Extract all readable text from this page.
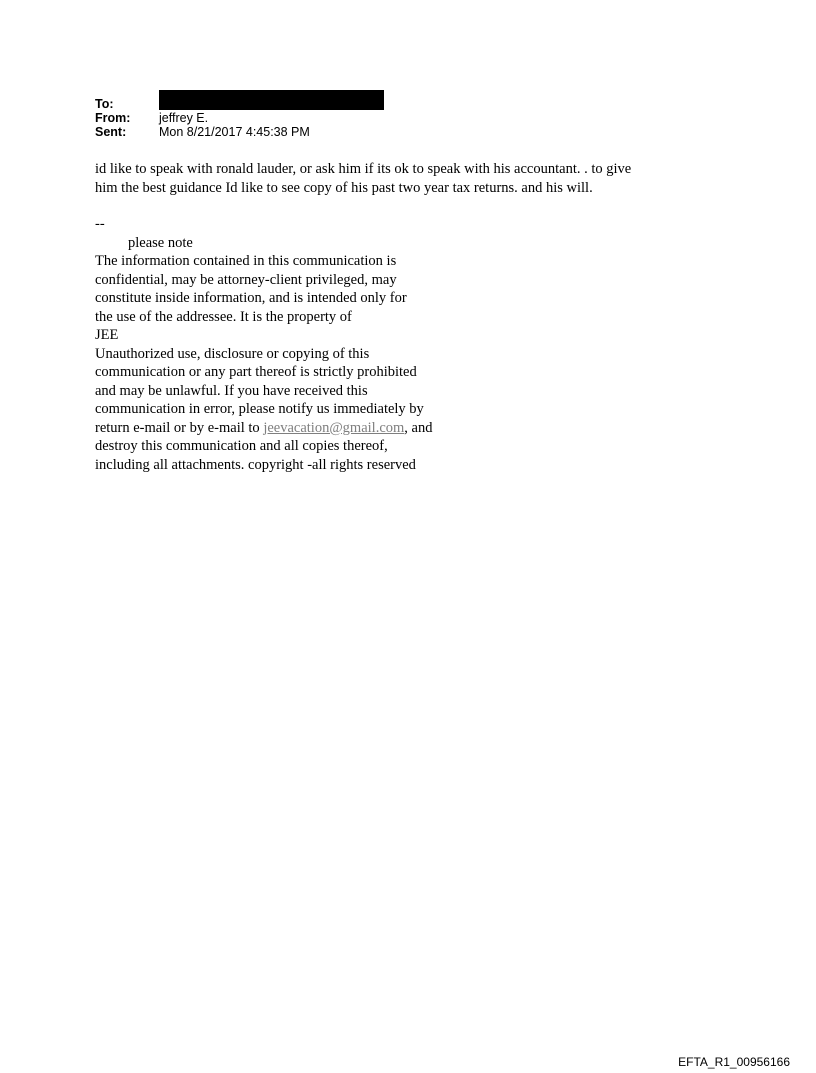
To:
From:	jeffrey E.
Sent:	Mon 8/21/2017 4:45:38 PM

id like to speak with ronald lauder, or ask him if its ok to speak with his accountant. . to give

him the best guidance Id like to see copy of his past two year tax returns. and his will.

--
please note
The information contained in this communication is
confidential, may be attorney-client privileged, may
constitute inside information, and is intended only for
the use of the addressee. It is the property of
JEE
Unauthorized use, disclosure or copying of this
communication or any part thereof is strictly prohibited
and may be unlawful. If you have received this
communication in error, please notify us immediately by
return e-mail or by e-mail to jeevacation@gmail.com, and
destroy this communication and all copies thereof,
including all attachments. copyright -all rights reserved
EFTA_R1_00956166
